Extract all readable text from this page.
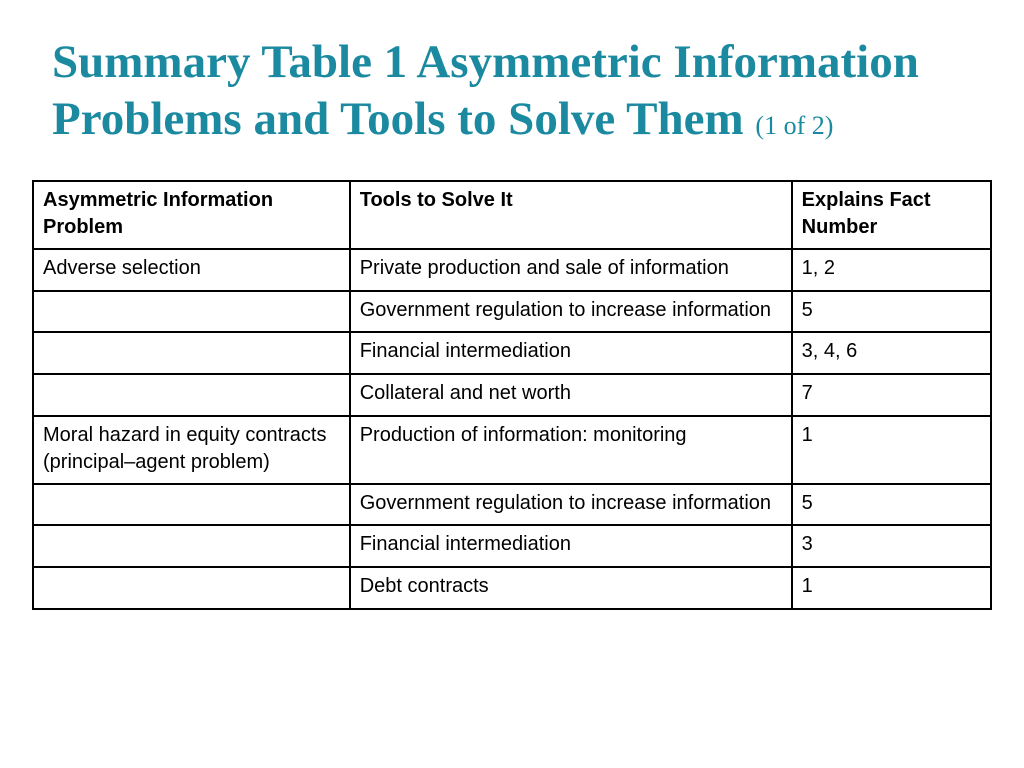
Summary Table 1 Asymmetric Information Problems and Tools to Solve Them (1 of 2)
Asymmetric Information Problem	Tools to Solve It	Explains Fact Number
Adverse selection	Private production and sale of information	1, 2
	Government regulation to increase information	5
	Financial intermediation	3, 4, 6
	Collateral and net worth	7
Moral hazard in equity contracts (principal–agent problem)	Production of information: monitoring	1
	Government regulation to increase information	5
	Financial intermediation	3
	Debt contracts	1
